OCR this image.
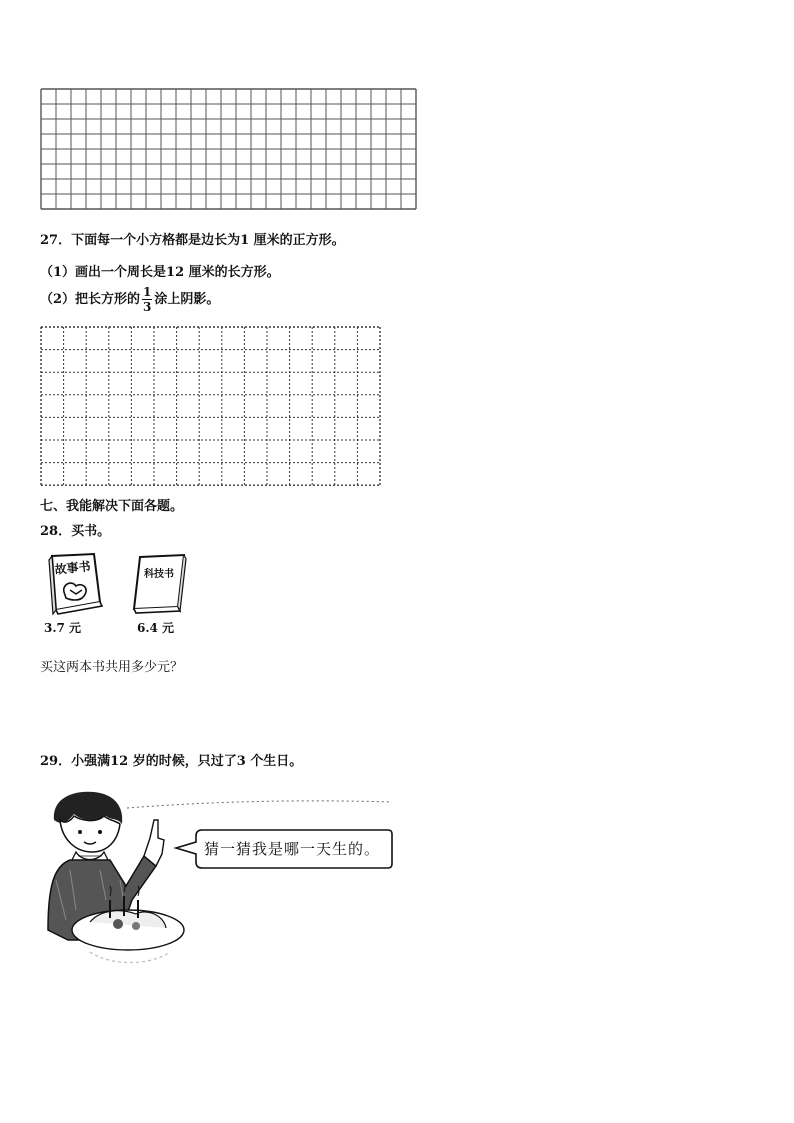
27．下面每一个小方格都是边长为1 厘米的正方形。
（1）画出一个周长是12 厘米的长方形。
（2）把长方形的 $\frac{1}{3}$ 涂上阴影。
七、我能解决下面各题。
28．买书。
故事书
3.7 元
科技书
6.4 元
买这两本书共用多少元？
29．小强满12 岁的时候，只过了3 个生日。
猜一猜我是哪一天生的。
